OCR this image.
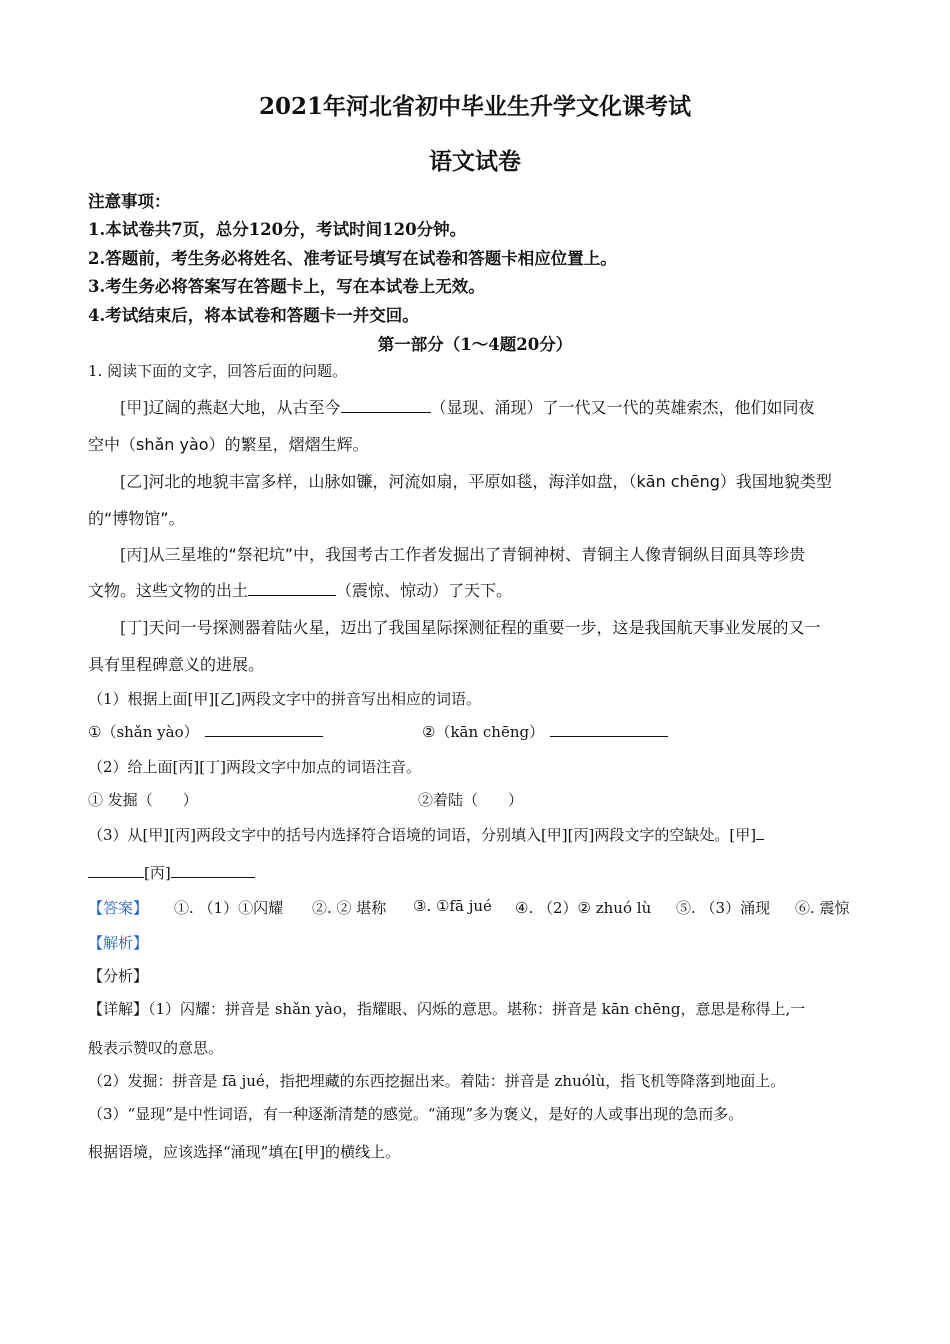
2021年河北省初中毕业生升学文化课考试
语文试卷
注意事项：
1.本试卷共7页，总分120分，考试时间120分钟。
2.答题前，考生务必将姓名、准考证号填写在试卷和答题卡相应位置上。
3.考生务必将答案写在答题卡上，写在本试卷上无效。
4.考试结束后，将本试卷和答题卡一并交回。
第一部分（1～4题20分）
1. 阅读下面的文字，回答后面的问题。
[甲]辽阔的燕赵大地，从古至今	（显现、涌现）了一代又一代的英雄索杰，他们如同夜
空中（shǎn yào）的繁星，熠熠生辉。
[乙]河北的地貌丰富多样，山脉如镰，河流如扇，平原如毯，海洋如盘，（kān chēng）我国地貌类型
的“博物馆”。
[丙]从三星堆的“祭祀坑”中，我国考古工作者发掘出了青铜神树、青铜主人像青铜纵目面具等珍贵
文物。这些文物的出土	（震惊、惊动）了天下。
[丁]天问一号探测器着陆火星，迈出了我国星际探测征程的重要一步，这是我国航天事业发展的又一
具有里程碑意义的进展。
（1）根据上面[甲][乙]两段文字中的拼音写出相应的词语。
①（shǎn yào）	②（kān chēng）
（2）给上面[丙][丁]两段文字中加点的词语注音。
① 发掘（　　）	②着陆（　　）
（3）从[甲][丙]两段文字中的括号内选择符合语境的词语，分别填入[甲][丙]两段文字的空缺处。[甲]
[丙]
【答案】 ①. （1）①闪耀 ②. ② 堪称 ③. ①fā jué ④. （2）② zhuó lù ⑤. （3）涌现 ⑥. 震惊
【解析】
【分析】
【详解】（1）闪耀：拼音是 shǎn yào，指耀眼、闪烁的意思。堪称：拼音是 kān chēng，意思是称得上,一
般表示赞叹的意思。
（2）发掘：拼音是 fā jué，指把埋藏的东西挖掘出来。着陆：拼音是 zhuólù，指飞机等降落到地面上。
（3）“显现”是中性词语，有一种逐渐清楚的感觉。“涌现”多为褒义，是好的人或事出现的急而多。
根据语境，应该选择“涌现”填在[甲]的横线上。
